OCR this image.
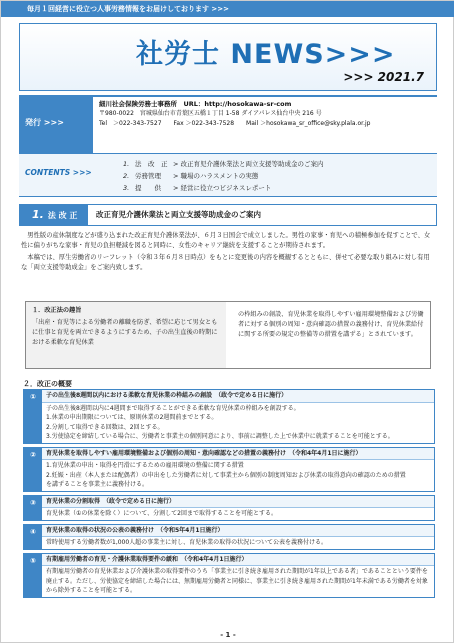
毎月１回経営に役立つ人事労務情報をお届けしております >>>
社労士 NEWS>>>
>>> 2021.7
発行 >>>
細川社会保険労務士事務所　URL：http://hosokawa-sr-com
〒980-0022　宮城県仙台市青葉区五橋１丁目 1-58 ダイアパレス仙台中央 216 号
Tel　＞022-343-7527　　Fax ＞022-343-7528　　Mail ＞hosokawa_sr_office@sky.plala.or.jp
CONTENTS >>>
1. 法　改　正 > 改正育児介護休業法と両立支援等助成金のご案内
2. 労務管理 > 職場のハラスメントの実態
3. 提　　供 > 経営に役立つビジネスレポート
1. 法 改 正	改正育児介護休業法と両立支援等助成金のご案内

　男性版の産休制度などが盛り込まれた改正育児介護休業法が、６月３日国会で成立しました。男性の家事・育児への積極参加を促すことで、女性に偏りがちな家事・育児の負担軽減を図ると同時に、女性のキャリア継続を支援することが期待されます。

　本稿では、厚生労働省のリーフレット（令和３年６月８日時点）をもとに変更後の内容を概観するとともに、併せて必要な取り組みに対し有用な「両立支援等助成金」をご案内致します。

１．改正法の趣旨
「出産・育児等による労働者の離職を防ぎ、希望に応じて男女ともに仕事と育児を両立できるようにするため、子の出生直後の時期における柔軟な育児休業
の枠組みの創設、育児休業を取得しやすい雇用環境整備および労働者に対する個別の周知・意向確認の措置の義務付け、育児休業給付に関する所要の規定の整備等の措置を講ずる」とされています。
２．改正の概要
①	子の出生後8週間以内における柔軟な育児休業の枠組みの創設　（政令で定める日に施行）
子の出生後8週間以内に4週間まで取得することができる柔軟な育児休業の枠組みを創設する。
1.休業の申出期限については、原則休業の2週間前までとする。
2.分割して取得できる回数は、2回とする。
3.労使協定を締結している場合に、労働者と事業主の個別同意により、事前に調整した上で休業中に就業することを可能とする。
②	育児休業を取得しやすい雇用環境整備および個別の周知・意向確認などの措置の義務付け　（令和4年4月1日に施行）
1.育児休業の申出・取得を円滑にするための雇用環境の整備に関する措置
2.妊娠・出産（本人または配偶者）の申出をした労働者に対して事業主から個別の制度周知および休業の取得意向の確認のための措置
を講ずることを事業主に義務付ける。
③	育児休業の分割取得　（政令で定める日に施行）
育児休業（①の休業を除く）について、分割して2回まで取得することを可能とする。
④	育児休業の取得の状況の公表の義務付け　（令和5年4月1日施行）
常時使用する労働者数が1,000人超の事業主に対し、育児休業の取得の状況について公表を義務付ける。
⑤	有期雇用労働者の育児・介護休業取得要件の緩和　（令和4年4月1日施行）
有期雇用労働者の育児休業および介護休業の取得要件のうち「事業主に引き続き雇用された期間が1年以上である者」であることという要件を廃止する。ただし、労使協定を締結した場合には、無期雇用労働者と同様に、事業主に引き続き雇用された期間が1年未満である労働者を対象から除外することを可能とする。
- 1 -
